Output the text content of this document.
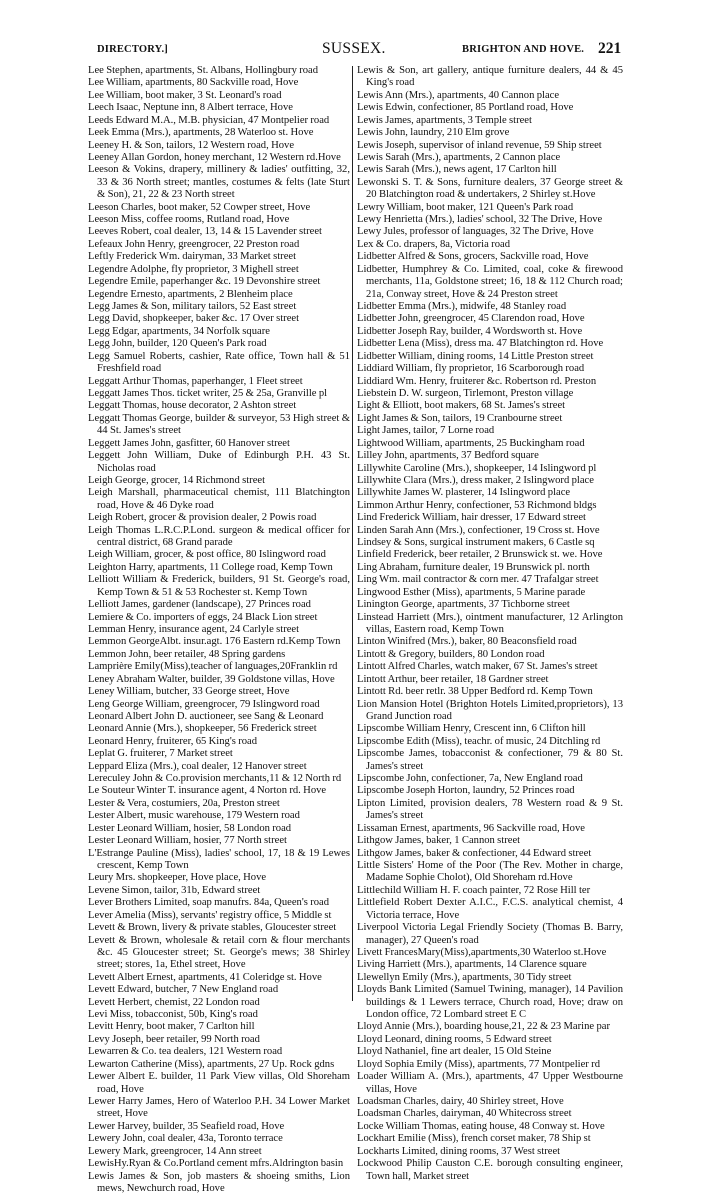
DIRECTORY.]	SUSSEX.	BRIGHTON AND HOVE. 221
Lee Stephen, apartments, St. Albans, Hollingbury road
Lee William, apartments, 80 Sackville road, Hove
Lee William, boot maker, 3 St. Leonard's road
Leech Isaac, Neptune inn, 8 Albert terrace, Hove
Leeds Edward M.A., M.B. physician, 47 Montpelier road
Leek Emma (Mrs.), apartments, 28 Waterloo st. Hove
Leeney H. & Son, tailors, 12 Western road, Hove
Leeney Allan Gordon, honey merchant, 12 Western rd.Hove
Leeson & Vokins, drapery, millinery & ladies' outfitting, 32, 33 & 36 North street; mantles, costumes & felts (late Sturt & Son), 21, 22 & 23 North street
Leeson Charles, boot maker, 52 Cowper street, Hove
Leeson Miss, coffee rooms, Rutland road, Hove
Leeves Robert, coal dealer, 13, 14 & 15 Lavender street
Lefeaux John Henry, greengrocer, 22 Preston road
Leftly Frederick Wm. dairyman, 33 Market street
Legendre Adolphe, fly proprietor, 3 Mighell street
Legendre Emile, paperhanger &c. 19 Devonshire street
Legendre Ernesto, apartments, 2 Blenheim place
Legg James & Son, military tailors, 52 East street
Legg David, shopkeeper, baker &c. 17 Over street
Legg Edgar, apartments, 34 Norfolk square
Legg John, builder, 120 Queen's Park road
Legg Samuel Roberts, cashier, Rate office, Town hall & 51 Freshfield road
Leggatt Arthur Thomas, paperhanger, 1 Fleet street
Leggatt James Thos. ticket writer, 25 & 25a, Granville pl
Leggatt Thomas, house decorator, 2 Ashton street
Leggatt Thomas George, builder & surveyor, 53 High street & 44 St. James's street
Leggett James John, gasfitter, 60 Hanover street
Leggett John William, Duke of Edinburgh P.H. 43 St. Nicholas road
Leigh George, grocer, 14 Richmond street
Leigh Marshall, pharmaceutical chemist, 111 Blatchington road, Hove & 46 Dyke road
Leigh Robert, grocer & provision dealer, 2 Powis road
Leigh Thomas L.R.C.P.Lond. surgeon & medical officer for central district, 68 Grand parade
Leigh William, grocer, & post office, 80 Islingword road
Leighton Harry, apartments, 11 College road, Kemp Town
Lelliott William & Frederick, builders, 91 St. George's road, Kemp Town & 51 & 53 Rochester st. Kemp Town
Lelliott James, gardener (landscape), 27 Princes road
Lemiere & Co. importers of eggs, 24 Black Lion street
Lemman Henry, insurance agent, 24 Carlyle street
Lemmon GeorgeAlbt. insur.agt. 176 Eastern rd.Kemp Town
Lemmon John, beer retailer, 48 Spring gardens
Lamprière Emily(Miss),teacher of languages,20Franklin rd
Leney Abraham Walter, builder, 39 Goldstone villas, Hove
Leney William, butcher, 33 George street, Hove
Leng George William, greengrocer, 79 Islingword road
Leonard Albert John D. auctioneer, see Sang & Leonard
Leonard Annie (Mrs.), shopkeeper, 56 Frederick street
Leonard Henry, fruiterer, 65 King's road
Leplat G. fruiterer, 7 Market street
Leppard Eliza (Mrs.), coal dealer, 12 Hanover street
Lereculey John & Co.provision merchants,11 & 12 North rd
Le Souteur Winter T. insurance agent, 4 Norton rd. Hove
Lester & Vera, costumiers, 20a, Preston street
Lester Albert, music warehouse, 179 Western road
Lester Leonard William, hosier, 58 London road
Lester Leonard William, hosier, 77 North street
L'Estrange Pauline (Miss), ladies' school, 17, 18 & 19 Lewes crescent, Kemp Town
Leury Mrs. shopkeeper, Hove place, Hove
Levene Simon, tailor, 31b, Edward street
Lever Brothers Limited, soap manufrs. 84a, Queen's road
Lever Amelia (Miss), servants' registry office, 5 Middle st
Levett & Brown, livery & private stables, Gloucester street
Levett & Brown, wholesale & retail corn & flour merchants &c. 45 Gloucester street; St. George's mews; 38 Shirley street; stores, 1a, Ethel street, Hove
Levett Albert Ernest, apartments, 41 Coleridge st. Hove
Levett Edward, butcher, 7 New England road
Levett Herbert, chemist, 22 London road
Levi Miss, tobacconist, 50b, King's road
Levitt Henry, boot maker, 7 Carlton hill
Levy Joseph, beer retailer, 99 North road
Lewarren & Co. tea dealers, 121 Western road
Lewarton Catherine (Miss), apartments, 27 Up. Rock gdns
Lewer Albert E. builder, 11 Park View villas, Old Shoreham road, Hove
Lewer Harry James, Hero of Waterloo P.H. 34 Lower Market street, Hove
Lewer Harvey, builder, 35 Seafield road, Hove
Lewery John, coal dealer, 43a, Toronto terrace
Lewery Mark, greengrocer, 14 Ann street
LewisHy.Ryan & Co.Portland cement mfrs.Aldrington basin
Lewis James & Son, job masters & shoeing smiths, Lion mews, Newchurch road, Hove
Lewis & Son, art gallery, antique furniture dealers, 44 & 45 King's road
Lewis Ann (Mrs.), apartments, 40 Cannon place
Lewis Edwin, confectioner, 85 Portland road, Hove
Lewis James, apartments, 3 Temple street
Lewis John, laundry, 210 Elm grove
Lewis Joseph, supervisor of inland revenue, 59 Ship street
Lewis Sarah (Mrs.), apartments, 2 Cannon place
Lewis Sarah (Mrs.), news agent, 17 Carlton hill
Lewonski S. T. & Sons, furniture dealers, 37 George street & 20 Blatchington road & undertakers, 2 Shirley st.Hove
Lewry William, boot maker, 121 Queen's Park road
Lewy Henrietta (Mrs.), ladies' school, 32 The Drive, Hove
Lewy Jules, professor of languages, 32 The Drive, Hove
Lex & Co. drapers, 8a, Victoria road
Lidbetter Alfred & Sons, grocers, Sackville road, Hove
Lidbetter, Humphrey & Co. Limited, coal, coke & firewood merchants, 11a, Goldstone street; 16, 18 & 112 Church road; 21a, Conway street, Hove & 24 Preston street
Lidbetter Emma (Mrs.), midwife, 48 Stanley road
Lidbetter John, greengrocer, 45 Clarendon road, Hove
Lidbetter Joseph Ray, builder, 4 Wordsworth st. Hove
Lidbetter Lena (Miss), dress ma. 47 Blatchington rd. Hove
Lidbetter William, dining rooms, 14 Little Preston street
Liddiard William, fly proprietor, 16 Scarborough road
Liddiard Wm. Henry, fruiterer &c. Robertson rd. Preston
Liebstein D. W. surgeon, Tirlemont, Preston village
Light & Elliott, boot makers, 68 St. James's street
Light James & Son, tailors, 19 Cranbourne street
Light James, tailor, 7 Lorne road
Lightwood William, apartments, 25 Buckingham road
Lilley John, apartments, 37 Bedford square
Lillywhite Caroline (Mrs.), shopkeeper, 14 Islingword pl
Lillywhite Clara (Mrs.), dress maker, 2 Islingword place
Lillywhite James W. plasterer, 14 Islingword place
Limmon Arthur Henry, confectioner, 53 Richmond bldgs
Lind Frederick William, hair dresser, 17 Edward street
Linden Sarah Ann (Mrs.), confectioner, 19 Cross st. Hove
Lindsey & Sons, surgical instrument makers, 6 Castle sq
Linfield Frederick, beer retailer, 2 Brunswick st. we. Hove
Ling Abraham, furniture dealer, 19 Brunswick pl. north
Ling Wm. mail contractor & corn mer. 47 Trafalgar street
Lingwood Esther (Miss), apartments, 5 Marine parade
Linington George, apartments, 37 Tichborne street
Linstead Harriett (Mrs.), ointment manufacturer, 12 Arlington villas, Eastern road, Kemp Town
Linton Winifred (Mrs.), baker, 80 Beaconsfield road
Lintott & Gregory, builders, 80 London road
Lintott Alfred Charles, watch maker, 67 St. James's street
Lintott Arthur, beer retailer, 18 Gardner street
Lintott Rd. beer retlr. 38 Upper Bedford rd. Kemp Town
Lion Mansion Hotel (Brighton Hotels Limited,proprietors), 13 Grand Junction road
Lipscombe William Henry, Crescent inn, 6 Clifton hill
Lipscombe Edith (Miss), teachr. of music, 24 Ditchling rd
Lipscombe James, tobacconist & confectioner, 79 & 80 St. James's street
Lipscombe John, confectioner, 7a, New England road
Lipscombe Joseph Horton, laundry, 52 Princes road
Lipton Limited, provision dealers, 78 Western road & 9 St. James's street
Lissaman Ernest, apartments, 96 Sackville road, Hove
Lithgow James, baker, 1 Cannon street
Lithgow James, baker & confectioner, 44 Edward street
Little Sisters' Home of the Poor (The Rev. Mother in charge, Madame Sophie Cholot), Old Shoreham rd.Hove
Littlechild William H. F. coach painter, 72 Rose Hill ter
Littlefield Robert Dexter A.I.C., F.C.S. analytical chemist, 4 Victoria terrace, Hove
Liverpool Victoria Legal Friendly Society (Thomas B. Barry, manager), 27 Queen's road
Livett FrancesMary(Miss),apartments,30 Waterloo st.Hove
Living Harriett (Mrs.), apartments, 14 Clarence square
Llewellyn Emily (Mrs.), apartments, 30 Tidy street
Lloyds Bank Limited (Samuel Twining, manager), 14 Pavilion buildings & 1 Lewers terrace, Church road, Hove; draw on London office, 72 Lombard street E C
Lloyd Annie (Mrs.), boarding house,21, 22 & 23 Marine par
Lloyd Leonard, dining rooms, 5 Edward street
Lloyd Nathaniel, fine art dealer, 15 Old Steine
Lloyd Sophia Emily (Miss), apartments, 77 Montpelier rd
Loader William A. (Mrs.), apartments, 47 Upper Westbourne villas, Hove
Loadsman Charles, dairy, 40 Shirley street, Hove
Loadsman Charles, dairyman, 40 Whitecross street
Locke William Thomas, eating house, 48 Conway st. Hove
Lockhart Emilie (Miss), french corset maker, 78 Ship st
Lockharts Limited, dining rooms, 37 West street
Lockwood Philip Causton C.E. borough consulting engineer, Town hall, Market street
